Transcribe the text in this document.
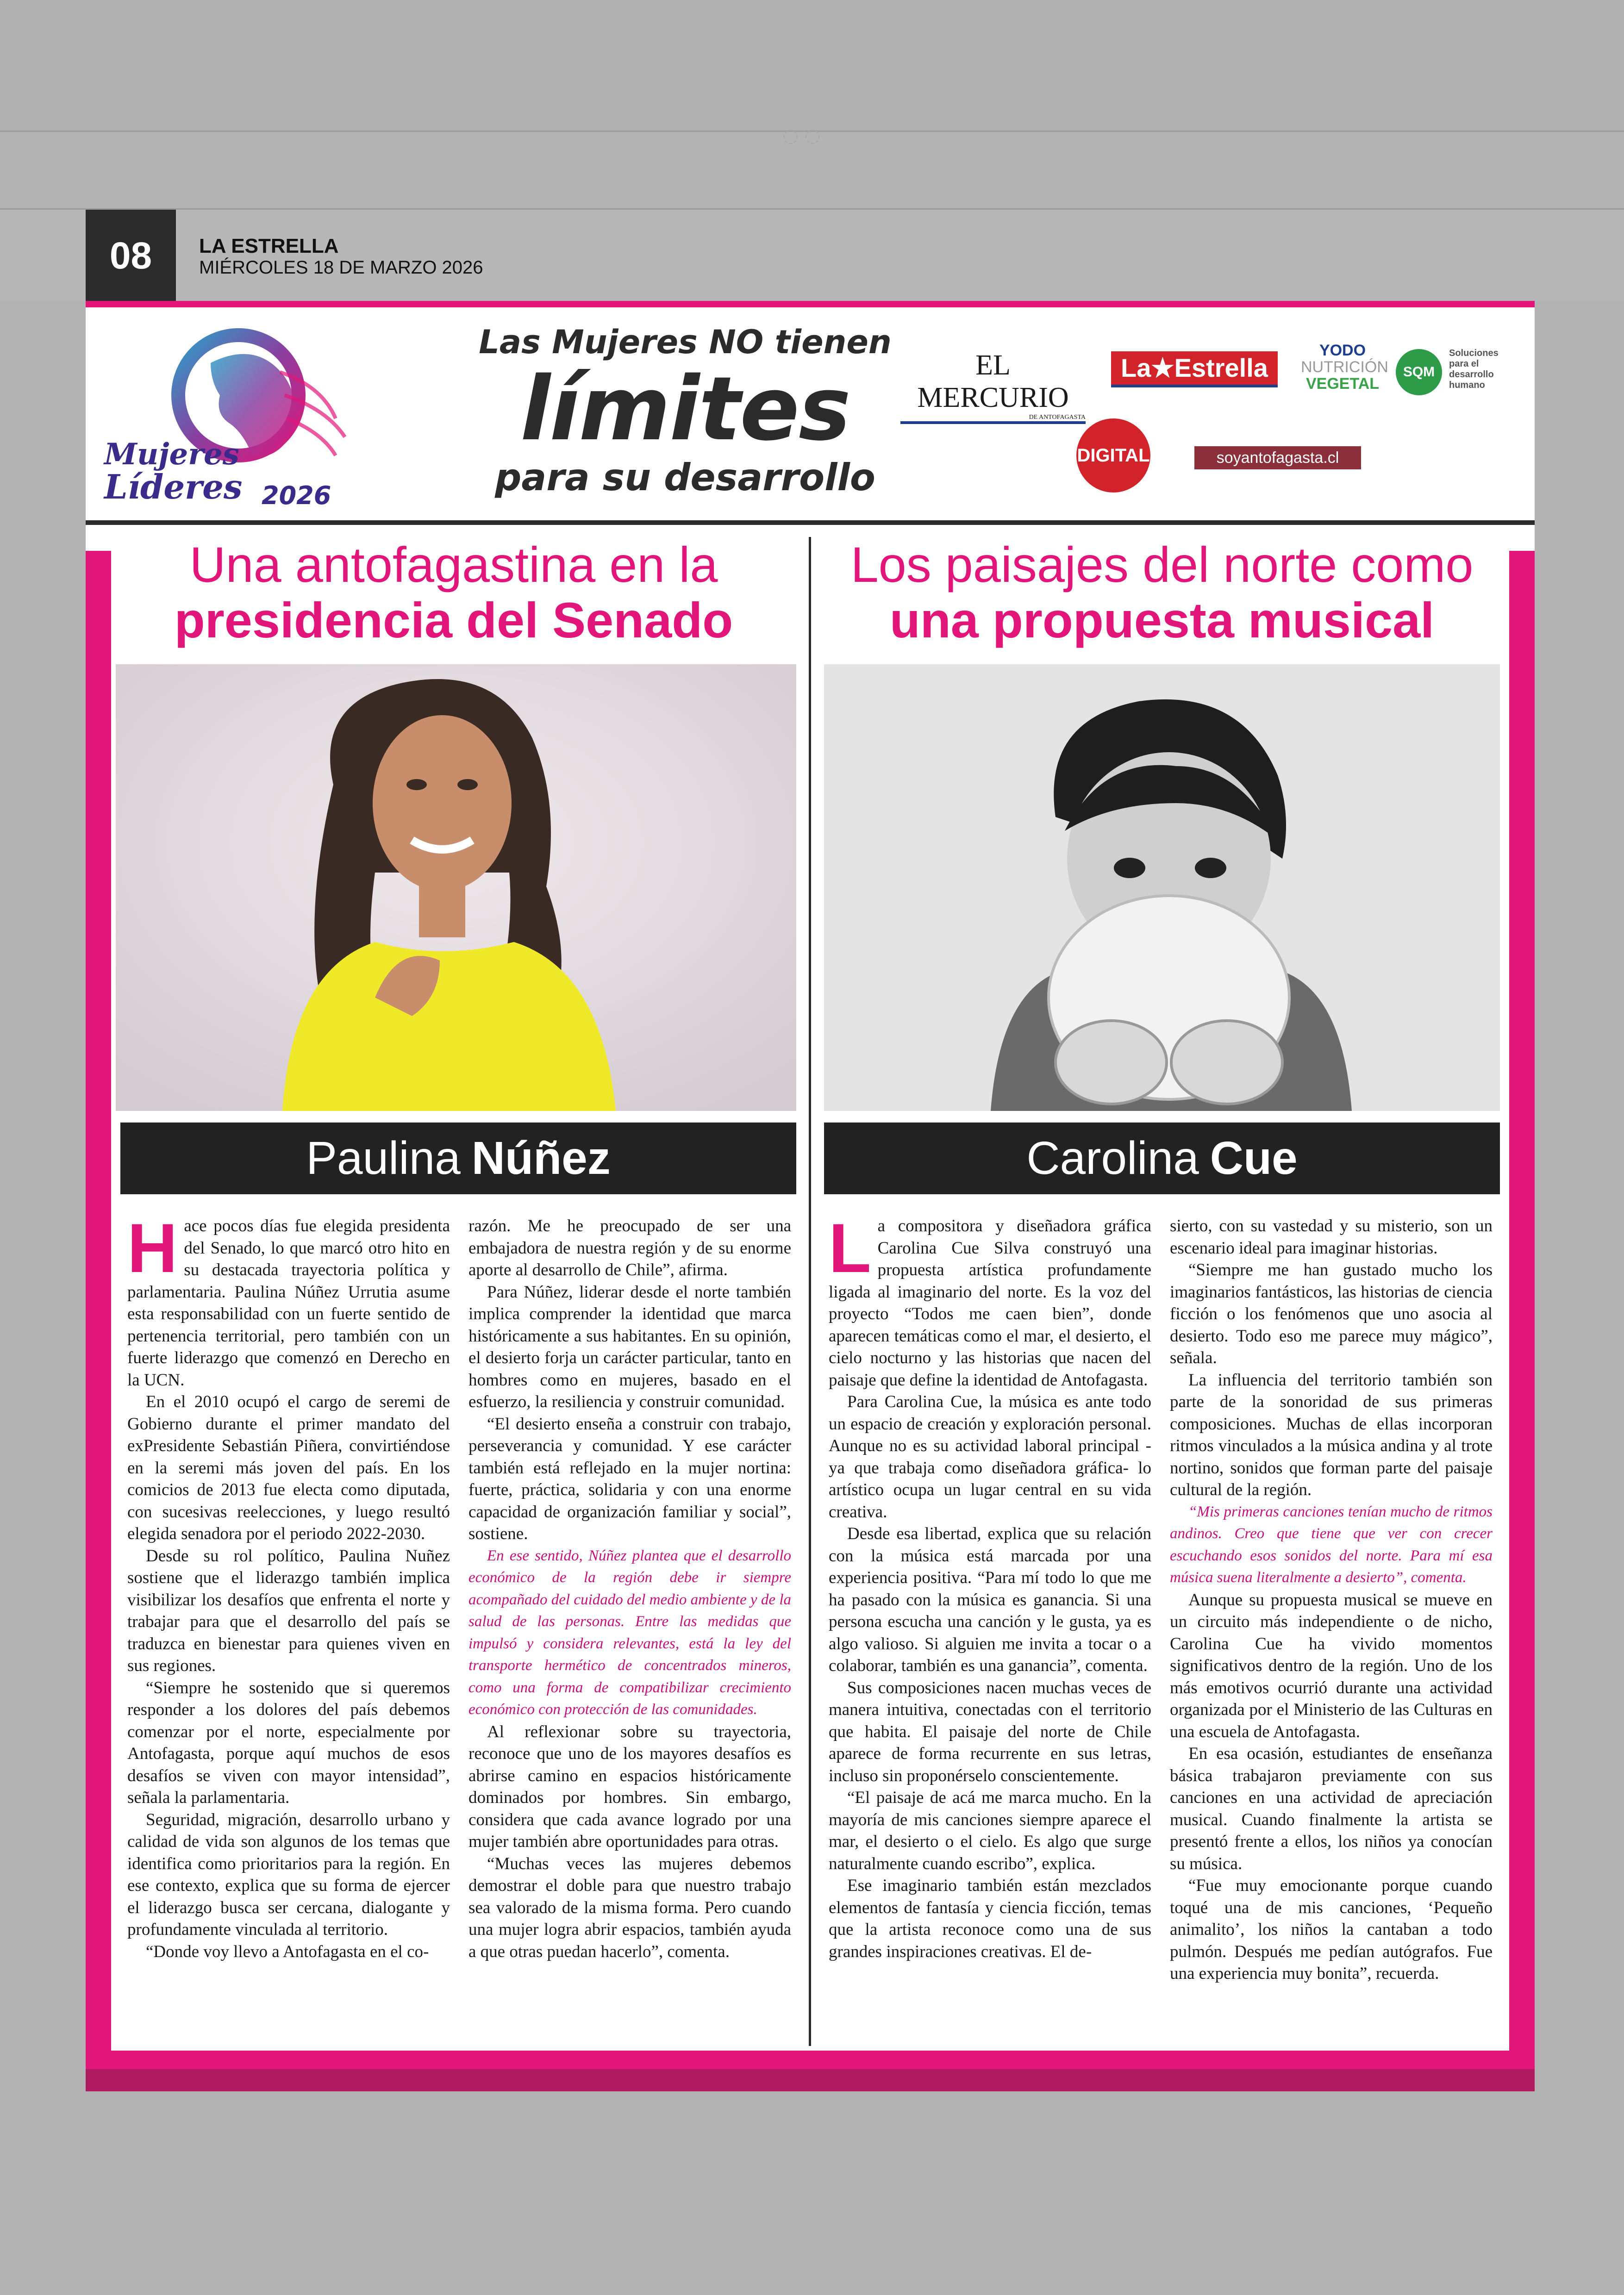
◌ ◌
08	LA ESTRELLA
MIÉRCOLES 18 DE MARZO 2026
Mujeres
Líderes 2026
Las Mujeres NO tienen
límites
para su desarrollo
EL MERCURIO
DE ANTOFAGASTA
La★Estrella
YODO
NUTRICIÓN
VEGETAL
SQM
Soluciones para el desarrollo humano
DIGITAL	soyantofagasta.cl
Una antofagastina en la
presidencia del Senado
Paulina Núñez

Hace pocos días fue elegida presidenta del Senado, lo que marcó otro hito en su destacada trayectoria política y parlamentaria. Paulina Núñez Urrutia asume esta responsabilidad con un fuerte sentido de pertenencia territorial, pero también con un fuerte liderazgo que comenzó en Derecho en la UCN.

En el 2010 ocupó el cargo de seremi de Gobierno durante el primer mandato del exPresidente Sebastián Piñera, convirtiéndose en la seremi más joven del país. En los comicios de 2013 fue electa como diputada, con sucesivas reelecciones, y luego resultó elegida senadora por el periodo 2022-2030.

Desde su rol político, Paulina Nuñez sostiene que el liderazgo también implica visibilizar los desafíos que enfrenta el norte y trabajar para que el desarrollo del país se traduzca en bienestar para quienes viven en sus regiones.

“Siempre he sostenido que si queremos responder a los dolores del país debemos comenzar por el norte, especialmente por Antofagasta, porque aquí muchos de esos desafíos se viven con mayor intensidad”, señala la parlamentaria.

Seguridad, migración, desarrollo urbano y calidad de vida son algunos de los temas que identifica como prioritarios para la región. En ese contexto, explica que su forma de ejercer el liderazgo busca ser cercana, dialogante y profundamente vinculada al territorio.

“Donde voy llevo a Antofagasta en el co-

razón. Me he preocupado de ser una embajadora de nuestra región y de su enorme aporte al desarrollo de Chile”, afirma.

Para Núñez, liderar desde el norte también implica comprender la identidad que marca históricamente a sus habitantes. En su opinión, el desierto forja un carácter particular, tanto en hombres como en mujeres, basado en el esfuerzo, la resiliencia y construir comunidad.

“El desierto enseña a construir con trabajo, perseverancia y comunidad. Y ese carácter también está reflejado en la mujer nortina: fuerte, práctica, solidaria y con una enorme capacidad de organización familiar y social”, sostiene.

En ese sentido, Núñez plantea que el desarrollo económico de la región debe ir siempre acompañado del cuidado del medio ambiente y de la salud de las personas. Entre las medidas que impulsó y considera relevantes, está la ley del transporte hermético de concentrados mineros, como una forma de compatibilizar crecimiento económico con protección de las comunidades.

Al reflexionar sobre su trayectoria, reconoce que uno de los mayores desafíos es abrirse camino en espacios históricamente dominados por hombres. Sin embargo, considera que cada avance logrado por una mujer también abre oportunidades para otras.

“Muchas veces las mujeres debemos demostrar el doble para que nuestro trabajo sea valorado de la misma forma. Pero cuando una mujer logra abrir espacios, también ayuda a que otras puedan hacerlo”, comenta.

Los paisajes del norte como
una propuesta musical
Carolina Cue

La compositora y diseñadora gráfica Carolina Cue Silva construyó una propuesta artística profundamente ligada al imaginario del norte. Es la voz del proyecto “Todos me caen bien”, donde aparecen temáticas como el mar, el desierto, el cielo nocturno y las historias que nacen del paisaje que define la identidad de Antofagasta.

Para Carolina Cue, la música es ante todo un espacio de creación y exploración personal. Aunque no es su actividad laboral principal -ya que trabaja como diseñadora gráfica- lo artístico ocupa un lugar central en su vida creativa.

Desde esa libertad, explica que su relación con la música está marcada por una experiencia positiva. “Para mí todo lo que me ha pasado con la música es ganancia. Si una persona escucha una canción y le gusta, ya es algo valioso. Si alguien me invita a tocar o a colaborar, también es una ganancia”, comenta.

Sus composiciones nacen muchas veces de manera intuitiva, conectadas con el territorio que habita. El paisaje del norte de Chile aparece de forma recurrente en sus letras, incluso sin proponérselo conscientemente.

“El paisaje de acá me marca mucho. En la mayoría de mis canciones siempre aparece el mar, el desierto o el cielo. Es algo que surge naturalmente cuando escribo”, explica.

Ese imaginario también están mezclados elementos de fantasía y ciencia ficción, temas que la artista reconoce como una de sus grandes inspiraciones creativas. El de-

sierto, con su vastedad y su misterio, son un escenario ideal para imaginar historias.

“Siempre me han gustado mucho los imaginarios fantásticos, las historias de ciencia ficción o los fenómenos que uno asocia al desierto. Todo eso me parece muy mágico”, señala.

La influencia del territorio también son parte de la sonoridad de sus primeras composiciones. Muchas de ellas incorporan ritmos vinculados a la música andina y al trote nortino, sonidos que forman parte del paisaje cultural de la región.

“Mis primeras canciones tenían mucho de ritmos andinos. Creo que tiene que ver con crecer escuchando esos sonidos del norte. Para mí esa música suena literalmente a desierto”, comenta.

Aunque su propuesta musical se mueve en un circuito más independiente o de nicho, Carolina Cue ha vivido momentos significativos dentro de la región. Uno de los más emotivos ocurrió durante una actividad organizada por el Ministerio de las Culturas en una escuela de Antofagasta.

En esa ocasión, estudiantes de enseñanza básica trabajaron previamente con sus canciones en una actividad de apreciación musical. Cuando finalmente la artista se presentó frente a ellos, los niños ya conocían su música.

“Fue muy emocionante porque cuando toqué una de mis canciones, ‘Pequeño animalito’, los niños la cantaban a todo pulmón. Después me pedían autógrafos. Fue una experiencia muy bonita”, recuerda.
